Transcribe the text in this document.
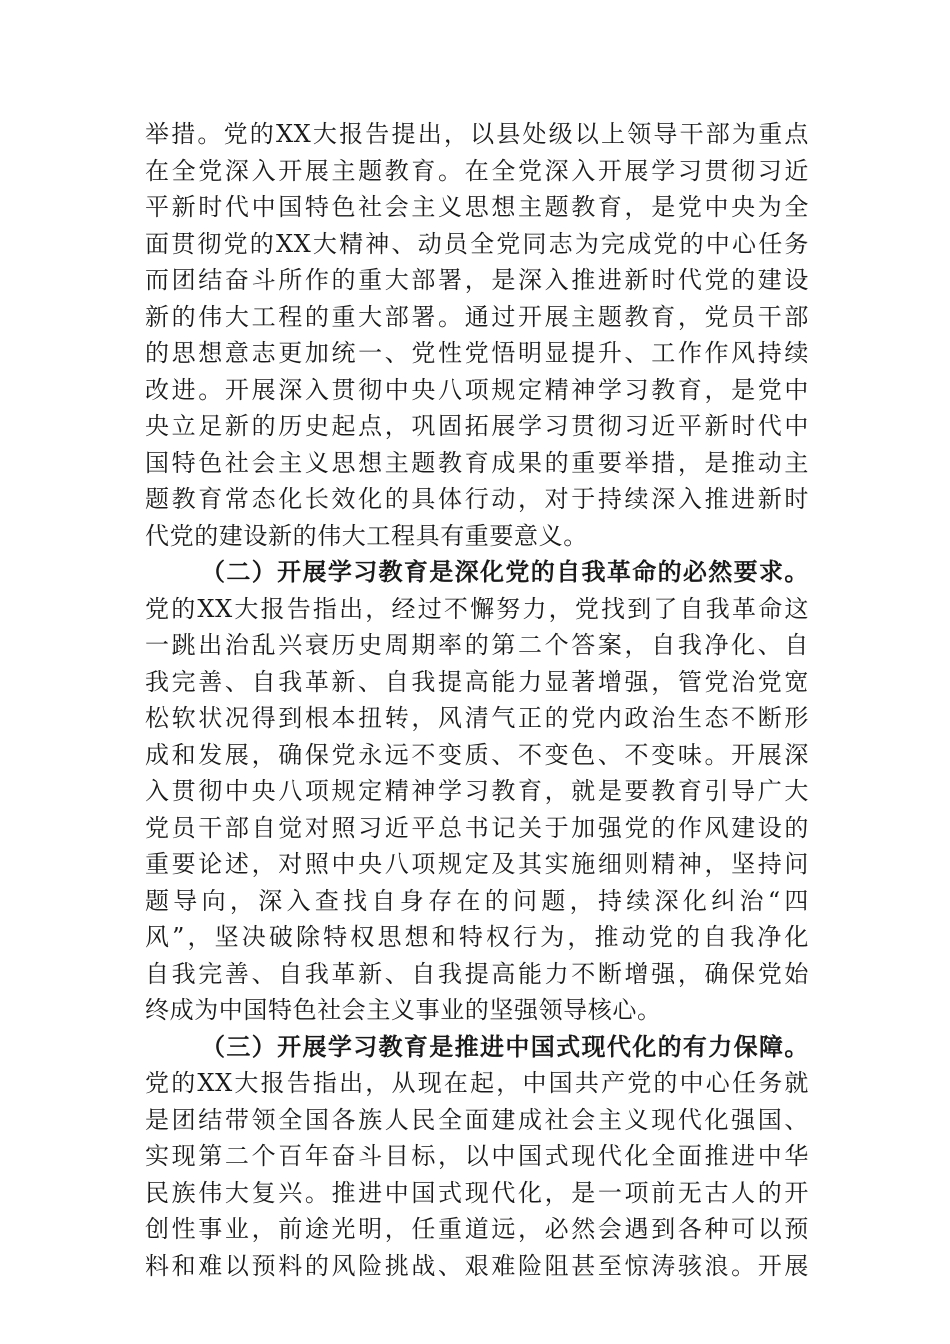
举措。党的XX大报告提出，以县处级以上领导干部为重点
在全党深入开展主题教育。在全党深入开展学习贯彻习近
平新时代中国特色社会主义思想主题教育，是党中央为全
面贯彻党的XX大精神、动员全党同志为完成党的中心任务
而团结奋斗所作的重大部署，是深入推进新时代党的建设
新的伟大工程的重大部署。通过开展主题教育，党员干部
的思想意志更加统一、党性党悟明显提升、工作作风持续
改进。开展深入贯彻中央八项规定精神学习教育，是党中
央立足新的历史起点，巩固拓展学习贯彻习近平新时代中
国特色社会主义思想主题教育成果的重要举措，是推动主
题教育常态化长效化的具体行动，对于持续深入推进新时
代党的建设新的伟大工程具有重要意义。
（二）开展学习教育是深化党的自我革命的必然要求。
党的XX大报告指出，经过不懈努力，党找到了自我革命这
一跳出治乱兴衰历史周期率的第二个答案，自我净化、自
我完善、自我革新、自我提高能力显著增强，管党治党宽
松软状况得到根本扭转，风清气正的党内政治生态不断形
成和发展，确保党永远不变质、不变色、不变味。开展深
入贯彻中央八项规定精神学习教育，就是要教育引导广大
党员干部自觉对照习近平总书记关于加强党的作风建设的
重要论述，对照中央八项规定及其实施细则精神，坚持问
题导向，深入查找自身存在的问题，持续深化纠治“四
风”，坚决破除特权思想和特权行为，推动党的自我净化
自我完善、自我革新、自我提高能力不断增强，确保党始
终成为中国特色社会主义事业的坚强领导核心。
（三）开展学习教育是推进中国式现代化的有力保障。
党的XX大报告指出，从现在起，中国共产党的中心任务就
是团结带领全国各族人民全面建成社会主义现代化强国、
实现第二个百年奋斗目标，以中国式现代化全面推进中华
民族伟大复兴。推进中国式现代化，是一项前无古人的开
创性事业，前途光明，任重道远，必然会遇到各种可以预
料和难以预料的风险挑战、艰难险阻甚至惊涛骇浪。开展
